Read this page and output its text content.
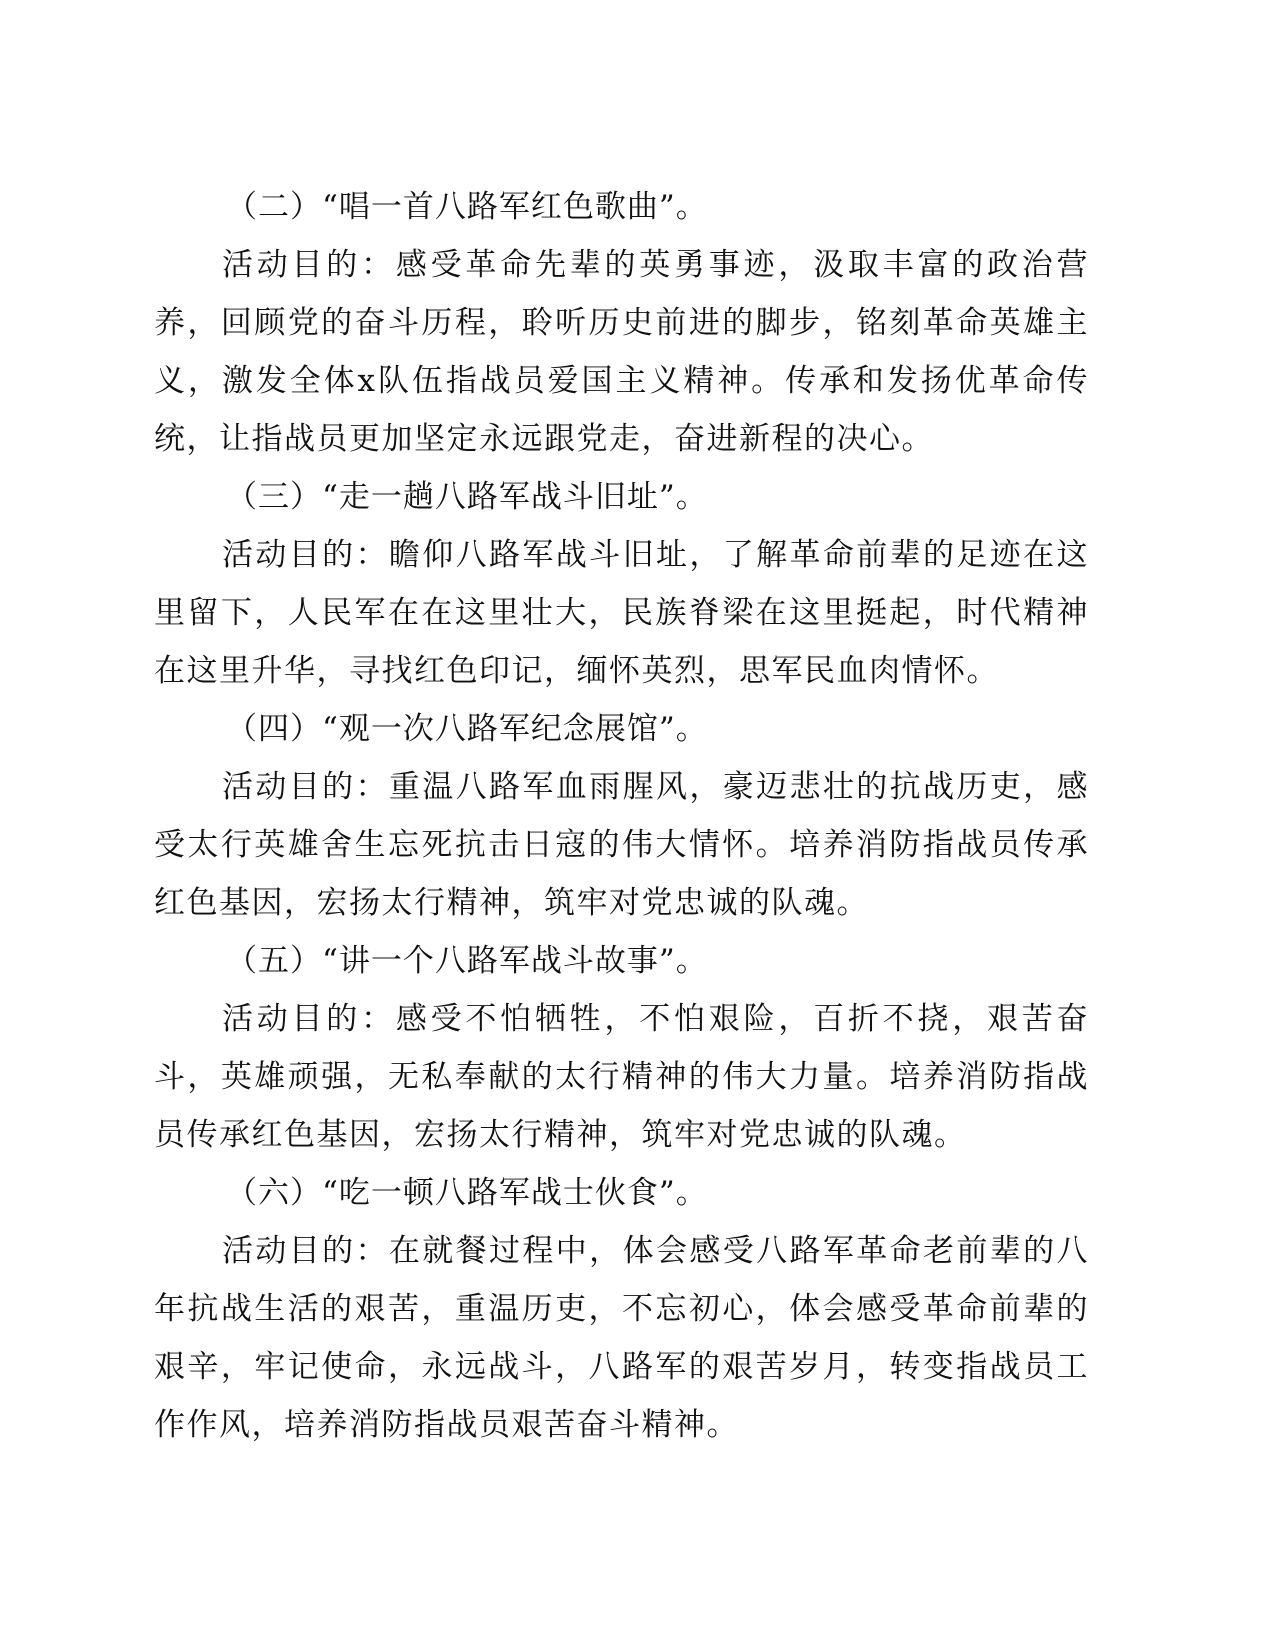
（二）“唱一首八路军红色歌曲”。

活动目的：感受革命先辈的英勇事迹，汲取丰富的政治营养，回顾党的奋斗历程，聆听历史前进的脚步，铭刻革命英雄主义，激发全体x队伍指战员爱国主义精神。传承和发扬优革命传统，让指战员更加坚定永远跟党走，奋进新程的决心。

（三）“走一趟八路军战斗旧址”。

活动目的：瞻仰八路军战斗旧址，了解革命前辈的足迹在这里留下，人民军在在这里壮大，民族脊梁在这里挺起，时代精神在这里升华，寻找红色印记，缅怀英烈，思军民血肉情怀。

（四）“观一次八路军纪念展馆”。

活动目的：重温八路军血雨腥风，豪迈悲壮的抗战历吏，感受太行英雄舍生忘死抗击日寇的伟大情怀。培养消防指战员传承红色基因，宏扬太行精神，筑牢对党忠诚的队魂。

（五）“讲一个八路军战斗故事”。

活动目的：感受不怕牺牲，不怕艰险，百折不挠，艰苦奋斗，英雄顽强，无私奉献的太行精神的伟大力量。培养消防指战员传承红色基因，宏扬太行精神，筑牢对党忠诚的队魂。

（六）“吃一顿八路军战士伙食”。

活动目的：在就餐过程中，体会感受八路军革命老前辈的八年抗战生活的艰苦，重温历吏，不忘初心，体会感受革命前辈的艰辛，牢记使命，永远战斗，八路军的艰苦岁月，转变指战员工作作风，培养消防指战员艰苦奋斗精神。
